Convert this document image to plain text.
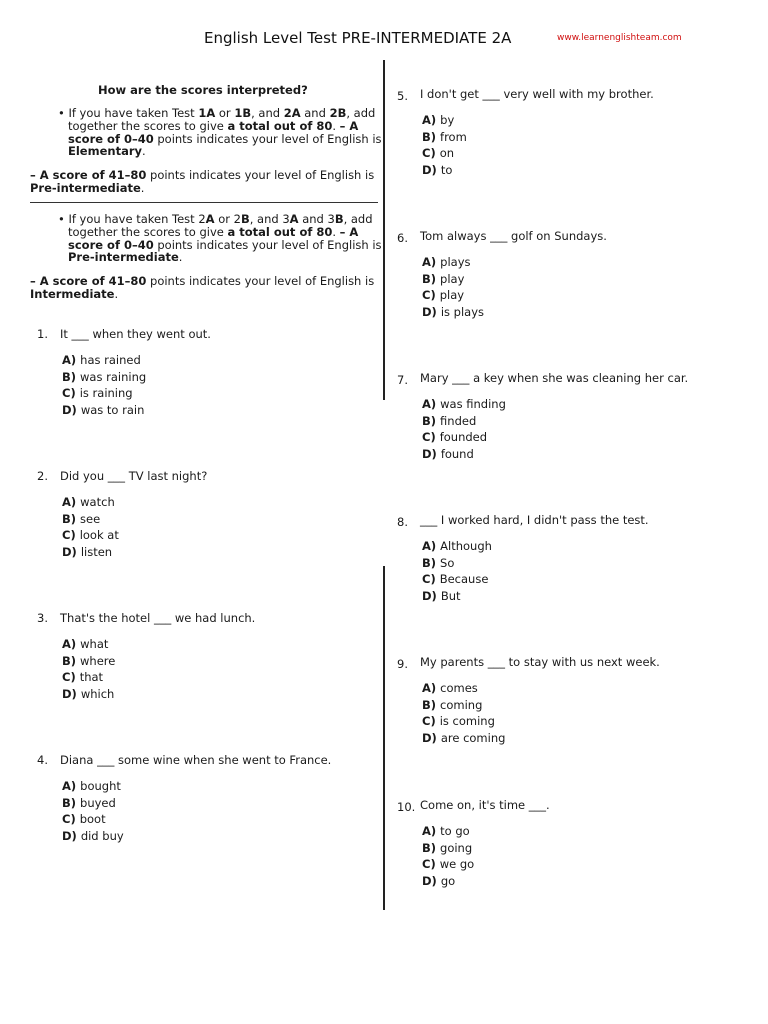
English Level Test PRE-INTERMEDIATE 2A	www.learnenglishteam.com
How are the scores interpreted?
• If you have taken Test 1A or 1B, and 2A and 2B, add together the scores to give a total out of 80. – A score of 0–40 points indicates your level of English is Elementary.
– A score of 41–80 points indicates your level of English is Pre-intermediate.
• If you have taken Test 2A or 2B, and 3A and 3B, add together the scores to give a total out of 80. – A score of 0–40 points indicates your level of English is Pre-intermediate.
– A score of 41–80 points indicates your level of English is Intermediate.
1. It ___ when they went out.
A) has rained
B) was raining
C) is raining
D) was to rain
2. Did you ___ TV last night?
A) watch
B) see
C) look at
D) listen
3. That's the hotel ___ we had lunch.
A) what
B) where
C) that
D) which
4. Diana ___ some wine when she went to France.
A) bought
B) buyed
C) boot
D) did buy
5. I don't get ___ very well with my brother.
A) by
B) from
C) on
D) to
6. Tom always ___ golf on Sundays.
A) plays
B) play
C) play
D) is plays
7. Mary ___ a key when she was cleaning her car.
A) was finding
B) finded
C) founded
D) found
8. ___ I worked hard, I didn't pass the test.
A) Although
B) So
C) Because
D) But
9. My parents ___ to stay with us next week.
A) comes
B) coming
C) is coming
D) are coming
10. Come on, it's time ___.
A) to go
B) going
C) we go
D) go
